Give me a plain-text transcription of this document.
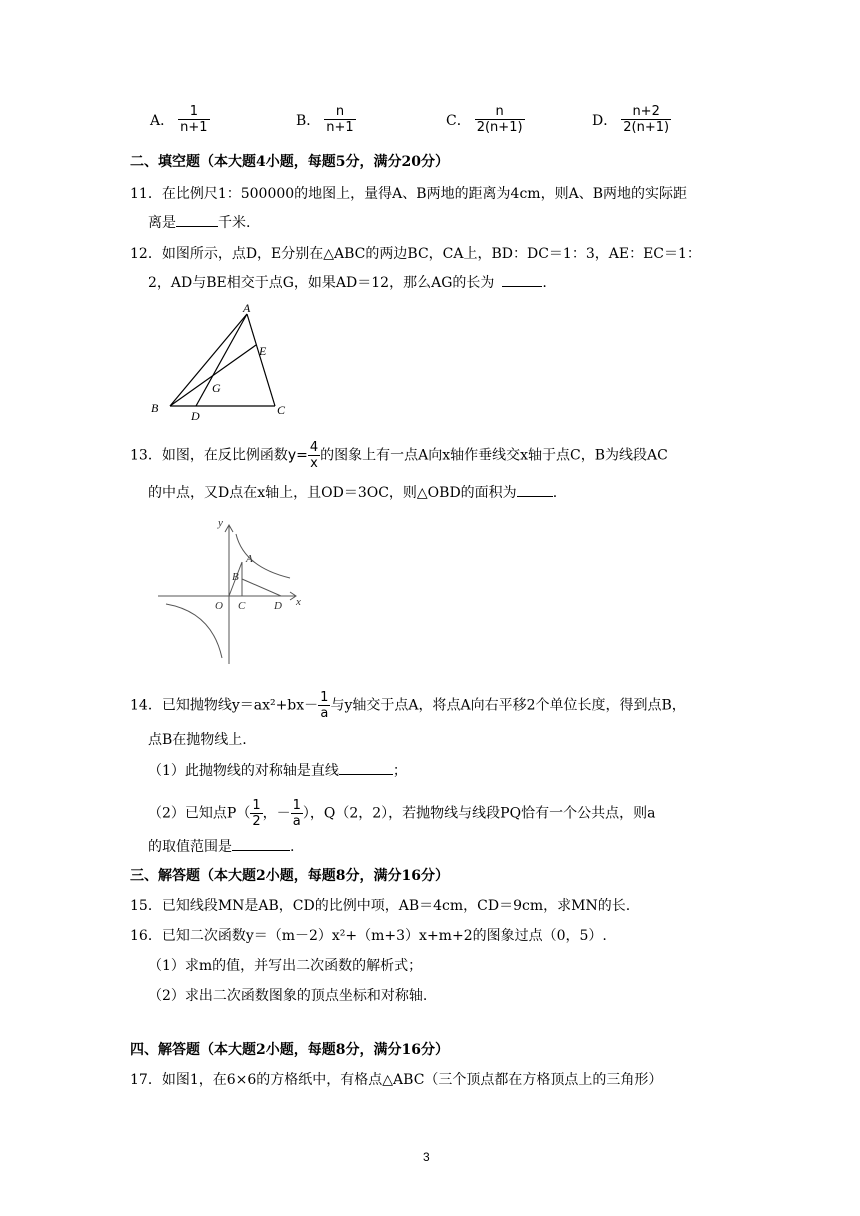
A． $\frac{1}{n+1}$	B． $\frac{n}{n+1}$	C． $\frac{n}{2(n+1)}$	D． $\frac{n+2}{2(n+1)}$
二、填空题（本大题4小题，每题5分，满分20分）
11．在比例尺1：500000的地图上，量得A、B两地的距离为4cm，则A、B两地的实际距
离是	千米.
12．如图所示，点D，E分别在△ABC的两边BC，CA上，BD：DC＝1：3，AE：EC＝1：
2，AD与BE相交于点G，如果AD＝12，那么AG的长为	.
A
B	C
D
E
G
13．如图，在反比例函数$y= \frac{4}{x}$ 的图象上有一点A向x轴作垂线交x轴于点C，B为线段AC
的中点，又D点在x轴上，且OD＝3OC，则△OBD的面积为	.
y
x
O
A
B
C	D
14．已知抛物线$y=ax^2+bx- \frac{1}{a}$ 与y轴交于点A，将点A向右平移2个单位长度，得到点B，
点B在抛物线上.
（1）此抛物线的对称轴是直线	；
（2）已知点$P( \frac{1}{2}$ ，－ $\frac{1}{a}$ ），Q（2，2），若抛物线与线段PQ恰有一个公共点，则a
的取值范围是	.
三、解答题（本大题2小题，每题8分，满分16分）
15．已知线段MN是AB，CD的比例中项，AB＝4cm，CD＝9cm，求MN的长.
16．已知二次函数y＝（m－2）x²+（m+3）x+m+2的图象过点（0，5）.
（1）求m的值，并写出二次函数的解析式；
（2）求出二次函数图象的顶点坐标和对称轴.
四、解答题（本大题2小题，每题8分，满分16分）
17．如图1，在6×6的方格纸中，有格点△ABC（三个顶点都在方格顶点上的三角形）
3
